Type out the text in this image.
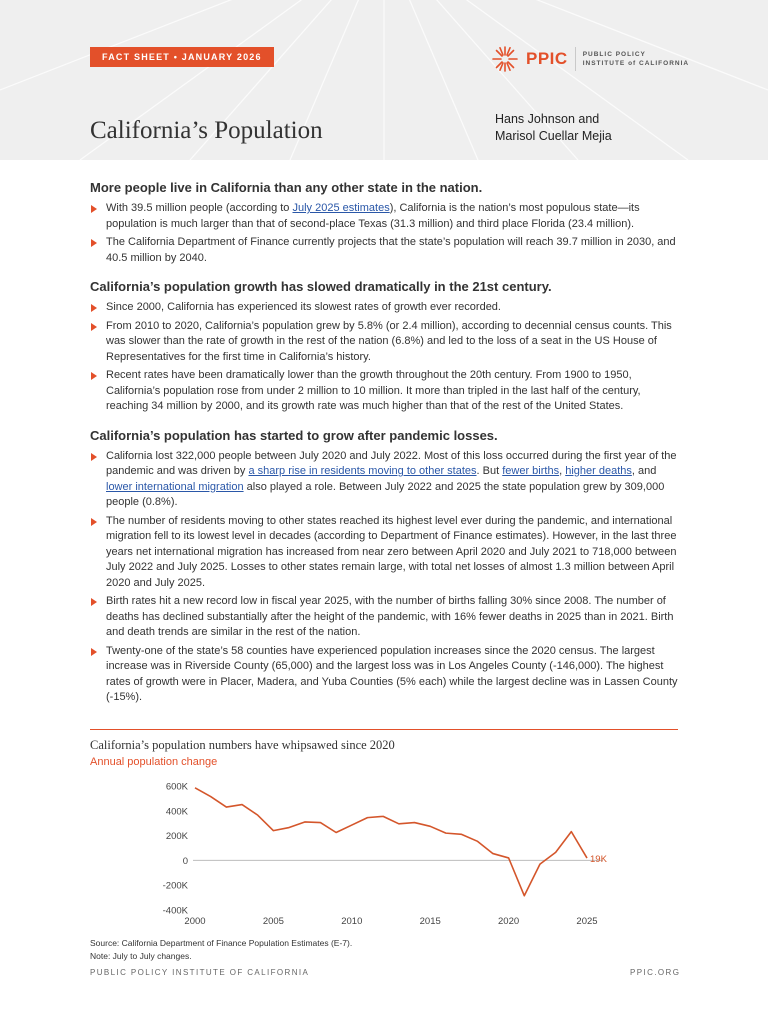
FACT SHEET • JANUARY 2026	PPIC PUBLIC POLICY
INSTITUTE of CALIFORNIA
California’s Population	Hans Johnson and
Marisol Cuellar Mejia
More people live in California than any other state in the nation.
With 39.5 million people (according to July 2025 estimates), California is the nation’s most populous state—its population is much larger than that of second-place Texas (31.3 million) and third place Florida (23.4 million).
The California Department of Finance currently projects that the state’s population will reach 39.7 million in 2030, and 40.5 million by 2040.
California’s population growth has slowed dramatically in the 21st century.
Since 2000, California has experienced its slowest rates of growth ever recorded.
From 2010 to 2020, California’s population grew by 5.8% (or 2.4 million), according to decennial census counts. This was slower than the rate of growth in the rest of the nation (6.8%) and led to the loss of a seat in the US House of Representatives for the first time in California’s history.
Recent rates have been dramatically lower than the growth throughout the 20th century. From 1900 to 1950, California’s population rose from under 2 million to 10 million. It more than tripled in the last half of the century, reaching 34 million by 2000, and its growth rate was much higher than that of the rest of the United States.
California’s population has started to grow after pandemic losses.
California lost 322,000 people between July 2020 and July 2022. Most of this loss occurred during the first year of the pandemic and was driven by a sharp rise in residents moving to other states. But fewer births, higher deaths, and lower international migration also played a role. Between July 2022 and 2025 the state population grew by 309,000 people (0.8%).
The number of residents moving to other states reached its highest level ever during the pandemic, and international migration fell to its lowest level in decades (according to Department of Finance estimates). However, in the last three years net international migration has increased from near zero between April 2020 and July 2021 to 718,000 between July 2022 and July 2025. Losses to other states remain large, with total net losses of almost 1.3 million between April 2020 and July 2025.
Birth rates hit a new record low in fiscal year 2025, with the number of births falling 30% since 2008. The number of deaths has declined substantially after the height of the pandemic, with 16% fewer deaths in 2025 than in 2021. Birth and death trends are similar in the rest of the nation.
Twenty-one of the state’s 58 counties have experienced population increases since the 2020 census. The largest increase was in Riverside County (65,000) and the largest loss was in Los Angeles County (-146,000). The highest rates of growth were in Placer, Madera, and Yuba Counties (5% each) while the largest decline was in Lassen County (-15%).
California’s population numbers have whipsawed since 2020
Annual population change
-400K
-200K
0
200K
400K
600K
2000	2005	2010	2015	2020	2025
19K
Source: California Department of Finance Population Estimates (E-7).
Note: July to July changes.
PUBLIC POLICY INSTITUTE OF CALIFORNIA	PPIC.ORG
